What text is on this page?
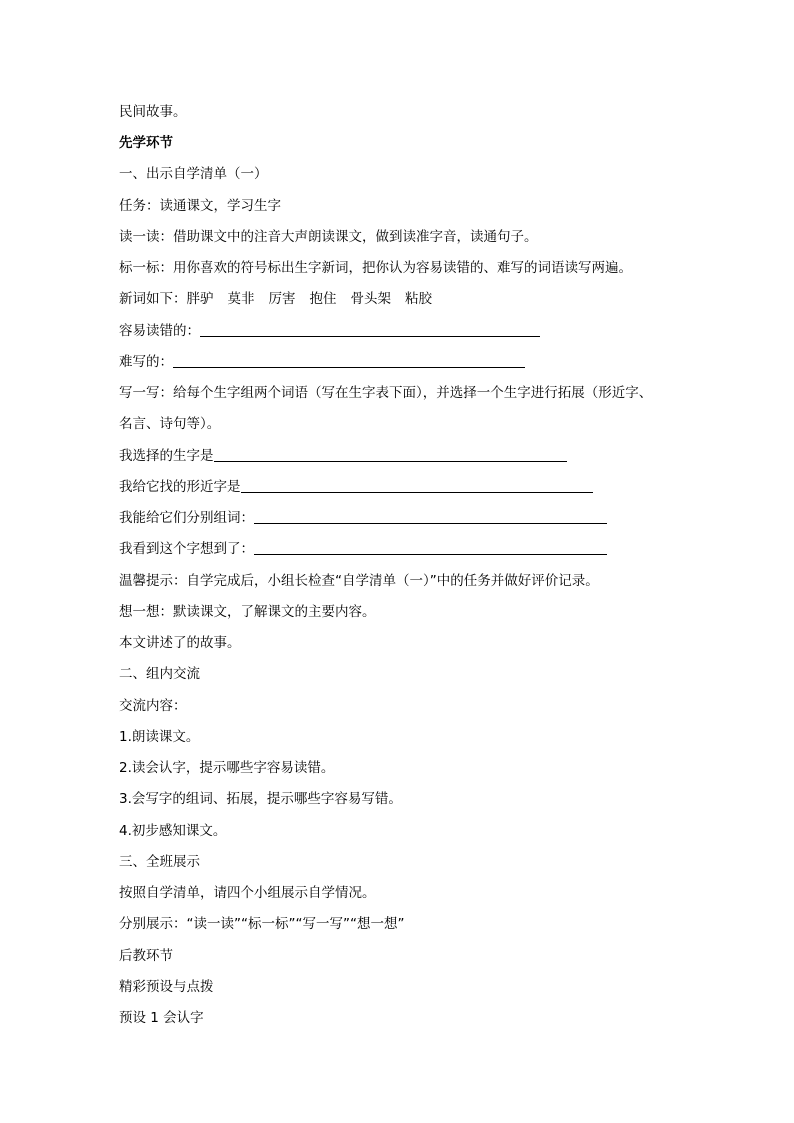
民间故事。
先学环节
一、出示自学清单（一）
任务：读通课文，学习生字
读一读：借助课文中的注音大声朗读课文，做到读准字音，读通句子。
标一标：用你喜欢的符号标出生字新词，把你认为容易读错的、难写的词语读写两遍。
新词如下：胖驴 莫非 厉害 抱住 骨头架 粘胶
容易读错的：
难写的：
写一写：给每个生字组两个词语（写在生字表下面），并选择一个生字进行拓展（形近字、
名言、诗句等）。
我选择的生字是
我给它找的形近字是
我能给它们分别组词：
我看到这个字想到了：
温馨提示：自学完成后，小组长检查“自学清单（一）”中的任务并做好评价记录。
想一想：默读课文，了解课文的主要内容。
本文讲述了的故事。
二、组内交流
交流内容：
1.朗读课文。
2.读会认字，提示哪些字容易读错。
3.会写字的组词、拓展，提示哪些字容易写错。
4.初步感知课文。
三、全班展示
按照自学清单，请四个小组展示自学情况。
分别展示：“读一读”“标一标”“写一写”“想一想”
后教环节
精彩预设与点拨
预设 1 会认字
